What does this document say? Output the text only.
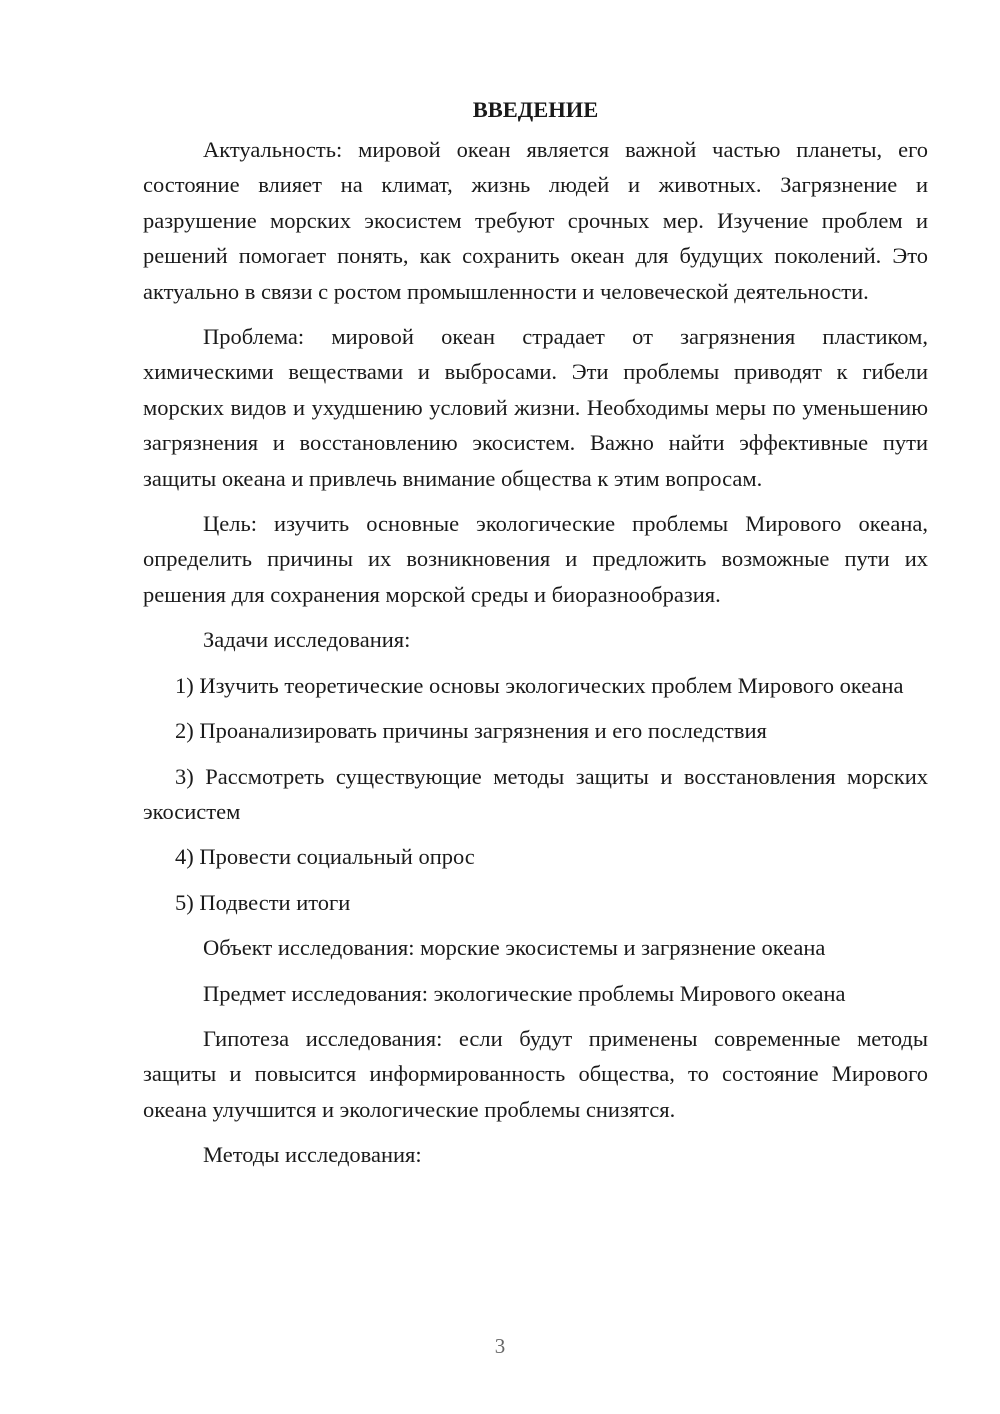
ВВЕДЕНИЕ

Актуальность: мировой океан является важной частью планеты, его состояние влияет на климат, жизнь людей и животных. Загрязнение и разрушение морских экосистем требуют срочных мер. Изучение проблем и решений помогает понять, как сохранить океан для будущих поколений. Это актуально в связи с ростом промышленности и человеческой деятельности.

Проблема: мировой океан страдает от загрязнения пластиком, химическими веществами и выбросами. Эти проблемы приводят к гибели морских видов и ухудшению условий жизни. Необходимы меры по уменьшению загрязнения и восстановлению экосистем. Важно найти эффективные пути защиты океана и привлечь внимание общества к этим вопросам.

Цель: изучить основные экологические проблемы Мирового океана, определить причины их возникновения и предложить возможные пути их решения для сохранения морской среды и биоразнообразия.

Задачи исследования:

1) Изучить теоретические основы экологических проблем Мирового океана

2) Проанализировать причины загрязнения и его последствия

3) Рассмотреть существующие методы защиты и восстановления морских экосистем

4) Провести социальный опрос

5) Подвести итоги

Объект исследования: морские экосистемы и загрязнение океана

Предмет исследования: экологические проблемы Мирового океана

Гипотеза исследования: если будут применены современные методы защиты и повысится информированность общества, то состояние Мирового океана улучшится и экологические проблемы снизятся.

Методы исследования:

3
